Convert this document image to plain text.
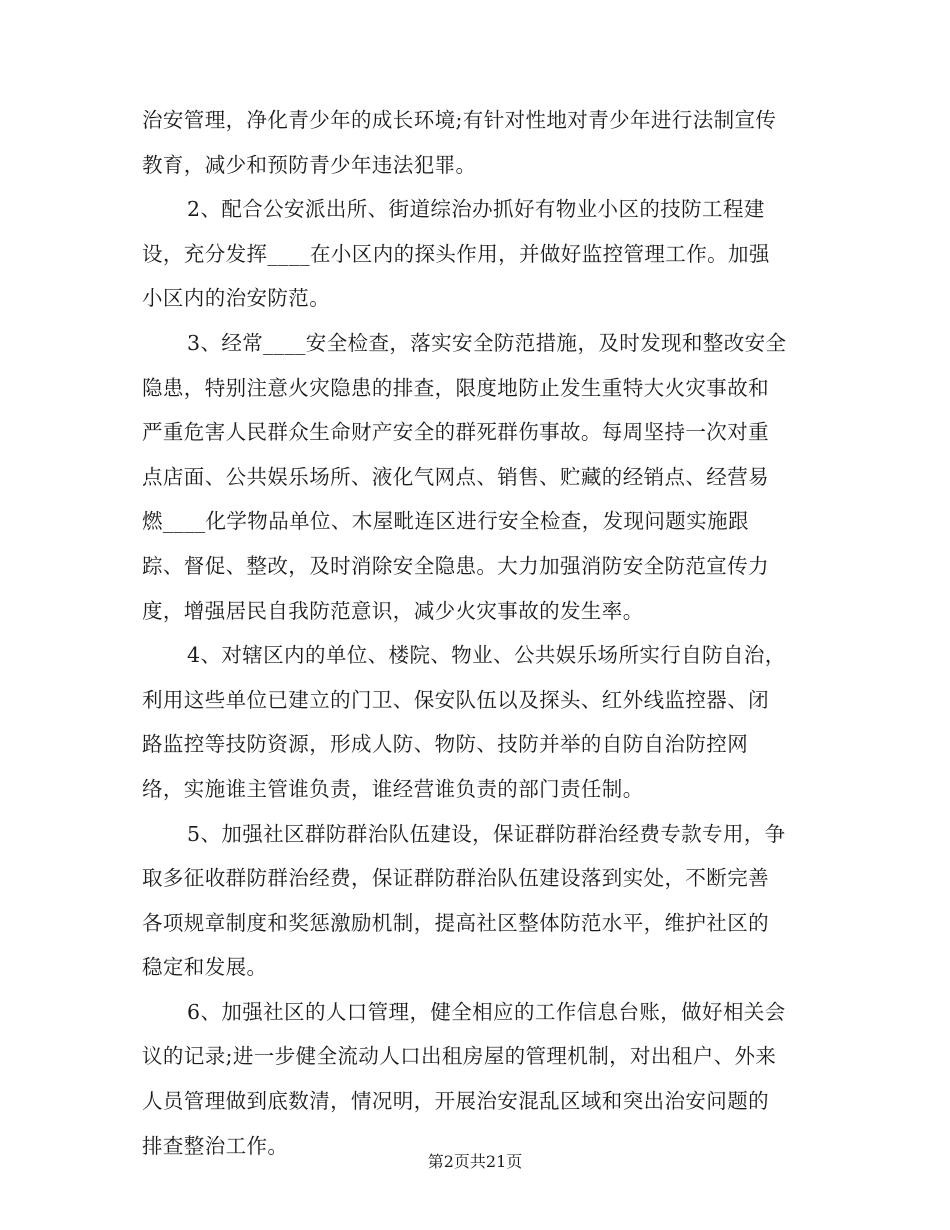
治安管理，净化青少年的成长环境;有针对性地对青少年进行法制宣传
教育，减少和预防青少年违法犯罪。
2、配合公安派出所、街道综治办抓好有物业小区的技防工程建
设，充分发挥____在小区内的探头作用，并做好监控管理工作。加强
小区内的治安防范。
3、经常____安全检查，落实安全防范措施，及时发现和整改安全
隐患，特别注意火灾隐患的排查，限度地防止发生重特大火灾事故和
严重危害人民群众生命财产安全的群死群伤事故。每周坚持一次对重
点店面、公共娱乐场所、液化气网点、销售、贮藏的经销点、经营易
燃____化学物品单位、木屋毗连区进行安全检查，发现问题实施跟
踪、督促、整改，及时消除安全隐患。大力加强消防安全防范宣传力
度，增强居民自我防范意识，减少火灾事故的发生率。
4、对辖区内的单位、楼院、物业、公共娱乐场所实行自防自治，
利用这些单位已建立的门卫、保安队伍以及探头、红外线监控器、闭
路监控等技防资源，形成人防、物防、技防并举的自防自治防控网
络，实施谁主管谁负责，谁经营谁负责的部门责任制。
5、加强社区群防群治队伍建设，保证群防群治经费专款专用，争
取多征收群防群治经费，保证群防群治队伍建设落到实处，不断完善
各项规章制度和奖惩激励机制，提高社区整体防范水平，维护社区的
稳定和发展。
6、加强社区的人口管理，健全相应的工作信息台账，做好相关会
议的记录;进一步健全流动人口出租房屋的管理机制，对出租户、外来
人员管理做到底数清，情况明，开展治安混乱区域和突出治安问题的
排查整治工作。
第2页共21页
